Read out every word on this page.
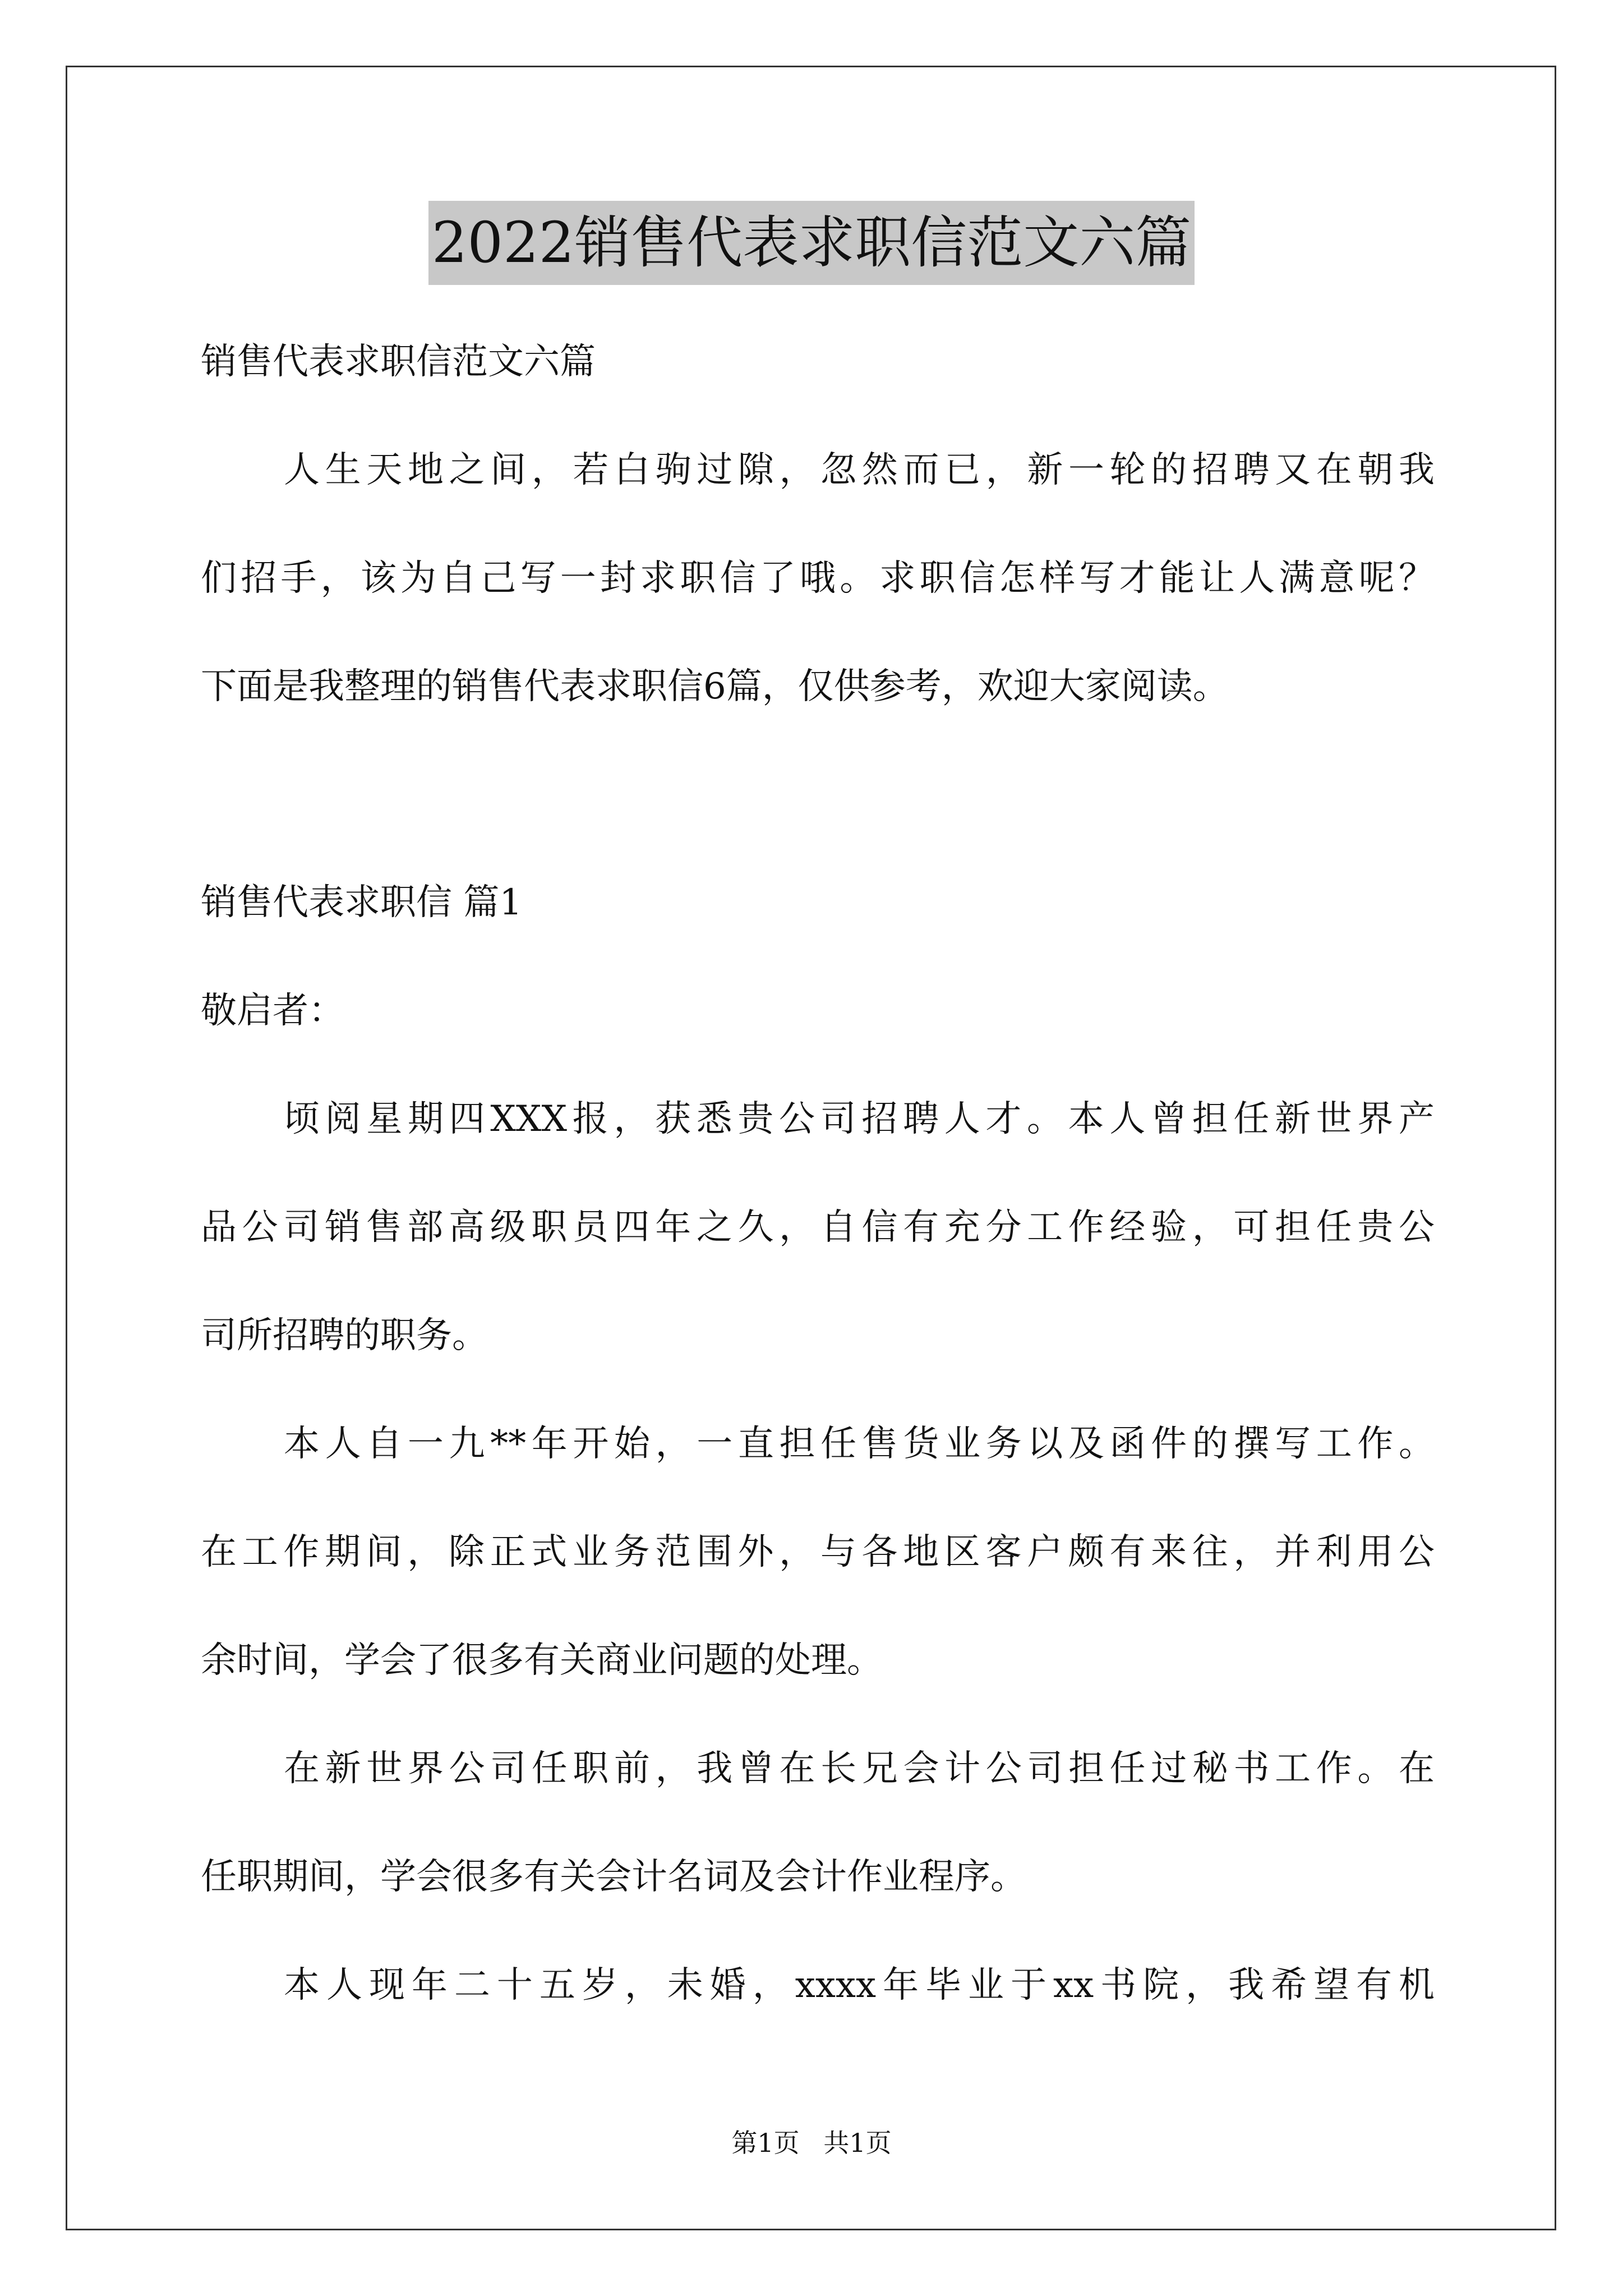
2022销售代表求职信范文六篇
销售代表求职信范文六篇
人生天地之间，若白驹过隙，忽然而已，新一轮的招聘又在朝我
们招手，该为自己写一封求职信了哦。求职信怎样写才能让人满意呢？
下面是我整理的销售代表求职信6篇，仅供参考，欢迎大家阅读。
销售代表求职信 篇1
敬启者：
顷阅星期四XXX报，获悉贵公司招聘人才。本人曾担任新世界产
品公司销售部高级职员四年之久，自信有充分工作经验，可担任贵公
司所招聘的职务。
本人自一九**年开始，一直担任售货业务以及函件的撰写工作。
在工作期间，除正式业务范围外，与各地区客户颇有来往，并利用公
余时间，学会了很多有关商业问题的处理。
在新世界公司任职前，我曾在长兄会计公司担任过秘书工作。在
任职期间，学会很多有关会计名词及会计作业程序。
本人现年二十五岁，未婚，xxxx年毕业于xx书院，我希望有机
第1页 共1页
